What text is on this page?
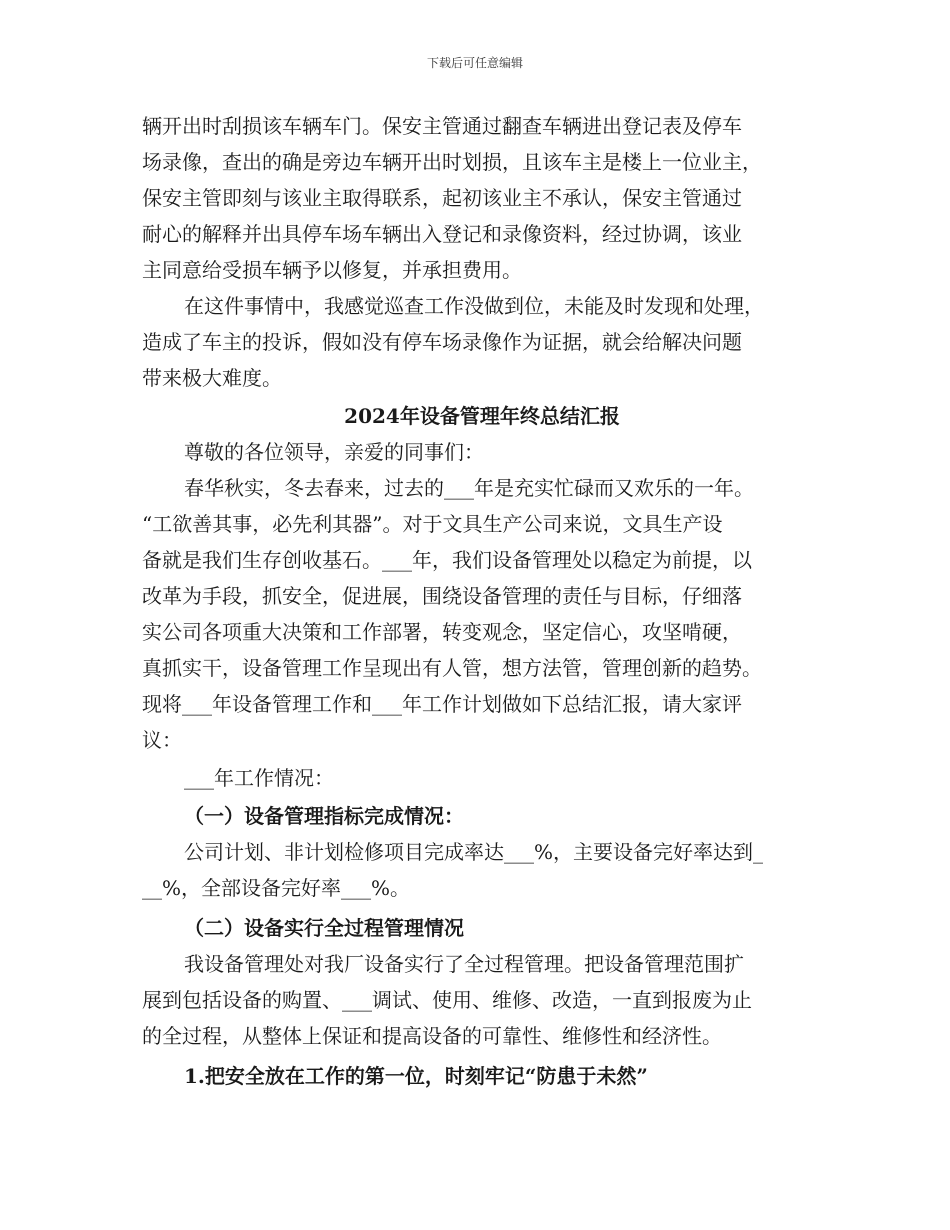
下载后可任意编辑
辆开出时刮损该车辆车门。保安主管通过翻查车辆进出登记表及停车
场录像，查出的确是旁边车辆开出时划损，且该车主是楼上一位业主，
保安主管即刻与该业主取得联系，起初该业主不承认，保安主管通过
耐心的解释并出具停车场车辆出入登记和录像资料，经过协调，该业
主同意给受损车辆予以修复，并承担费用。
在这件事情中，我感觉巡查工作没做到位，未能及时发现和处理，
造成了车主的投诉，假如没有停车场录像作为证据，就会给解决问题
带来极大难度。
2024年设备管理年终总结汇报
尊敬的各位领导，亲爱的同事们：
春华秋实，冬去春来，过去的___年是充实忙碌而又欢乐的一年。
“工欲善其事，必先利其器”。对于文具生产公司来说，文具生产设
备就是我们生存创收基石。___年，我们设备管理处以稳定为前提，以
改革为手段，抓安全，促进展，围绕设备管理的责任与目标，仔细落
实公司各项重大决策和工作部署，转变观念，坚定信心，攻坚啃硬，
真抓实干，设备管理工作呈现出有人管，想方法管，管理创新的趋势。
现将___年设备管理工作和___年工作计划做如下总结汇报，请大家评
议：
___年工作情况：
（一）设备管理指标完成情况：
公司计划、非计划检修项目完成率达___%，主要设备完好率达到_
__%，全部设备完好率___%。
（二）设备实行全过程管理情况
我设备管理处对我厂设备实行了全过程管理。把设备管理范围扩
展到包括设备的购置、___调试、使用、维修、改造，一直到报废为止
的全过程，从整体上保证和提高设备的可靠性、维修性和经济性。
1.把安全放在工作的第一位，时刻牢记“防患于未然”
